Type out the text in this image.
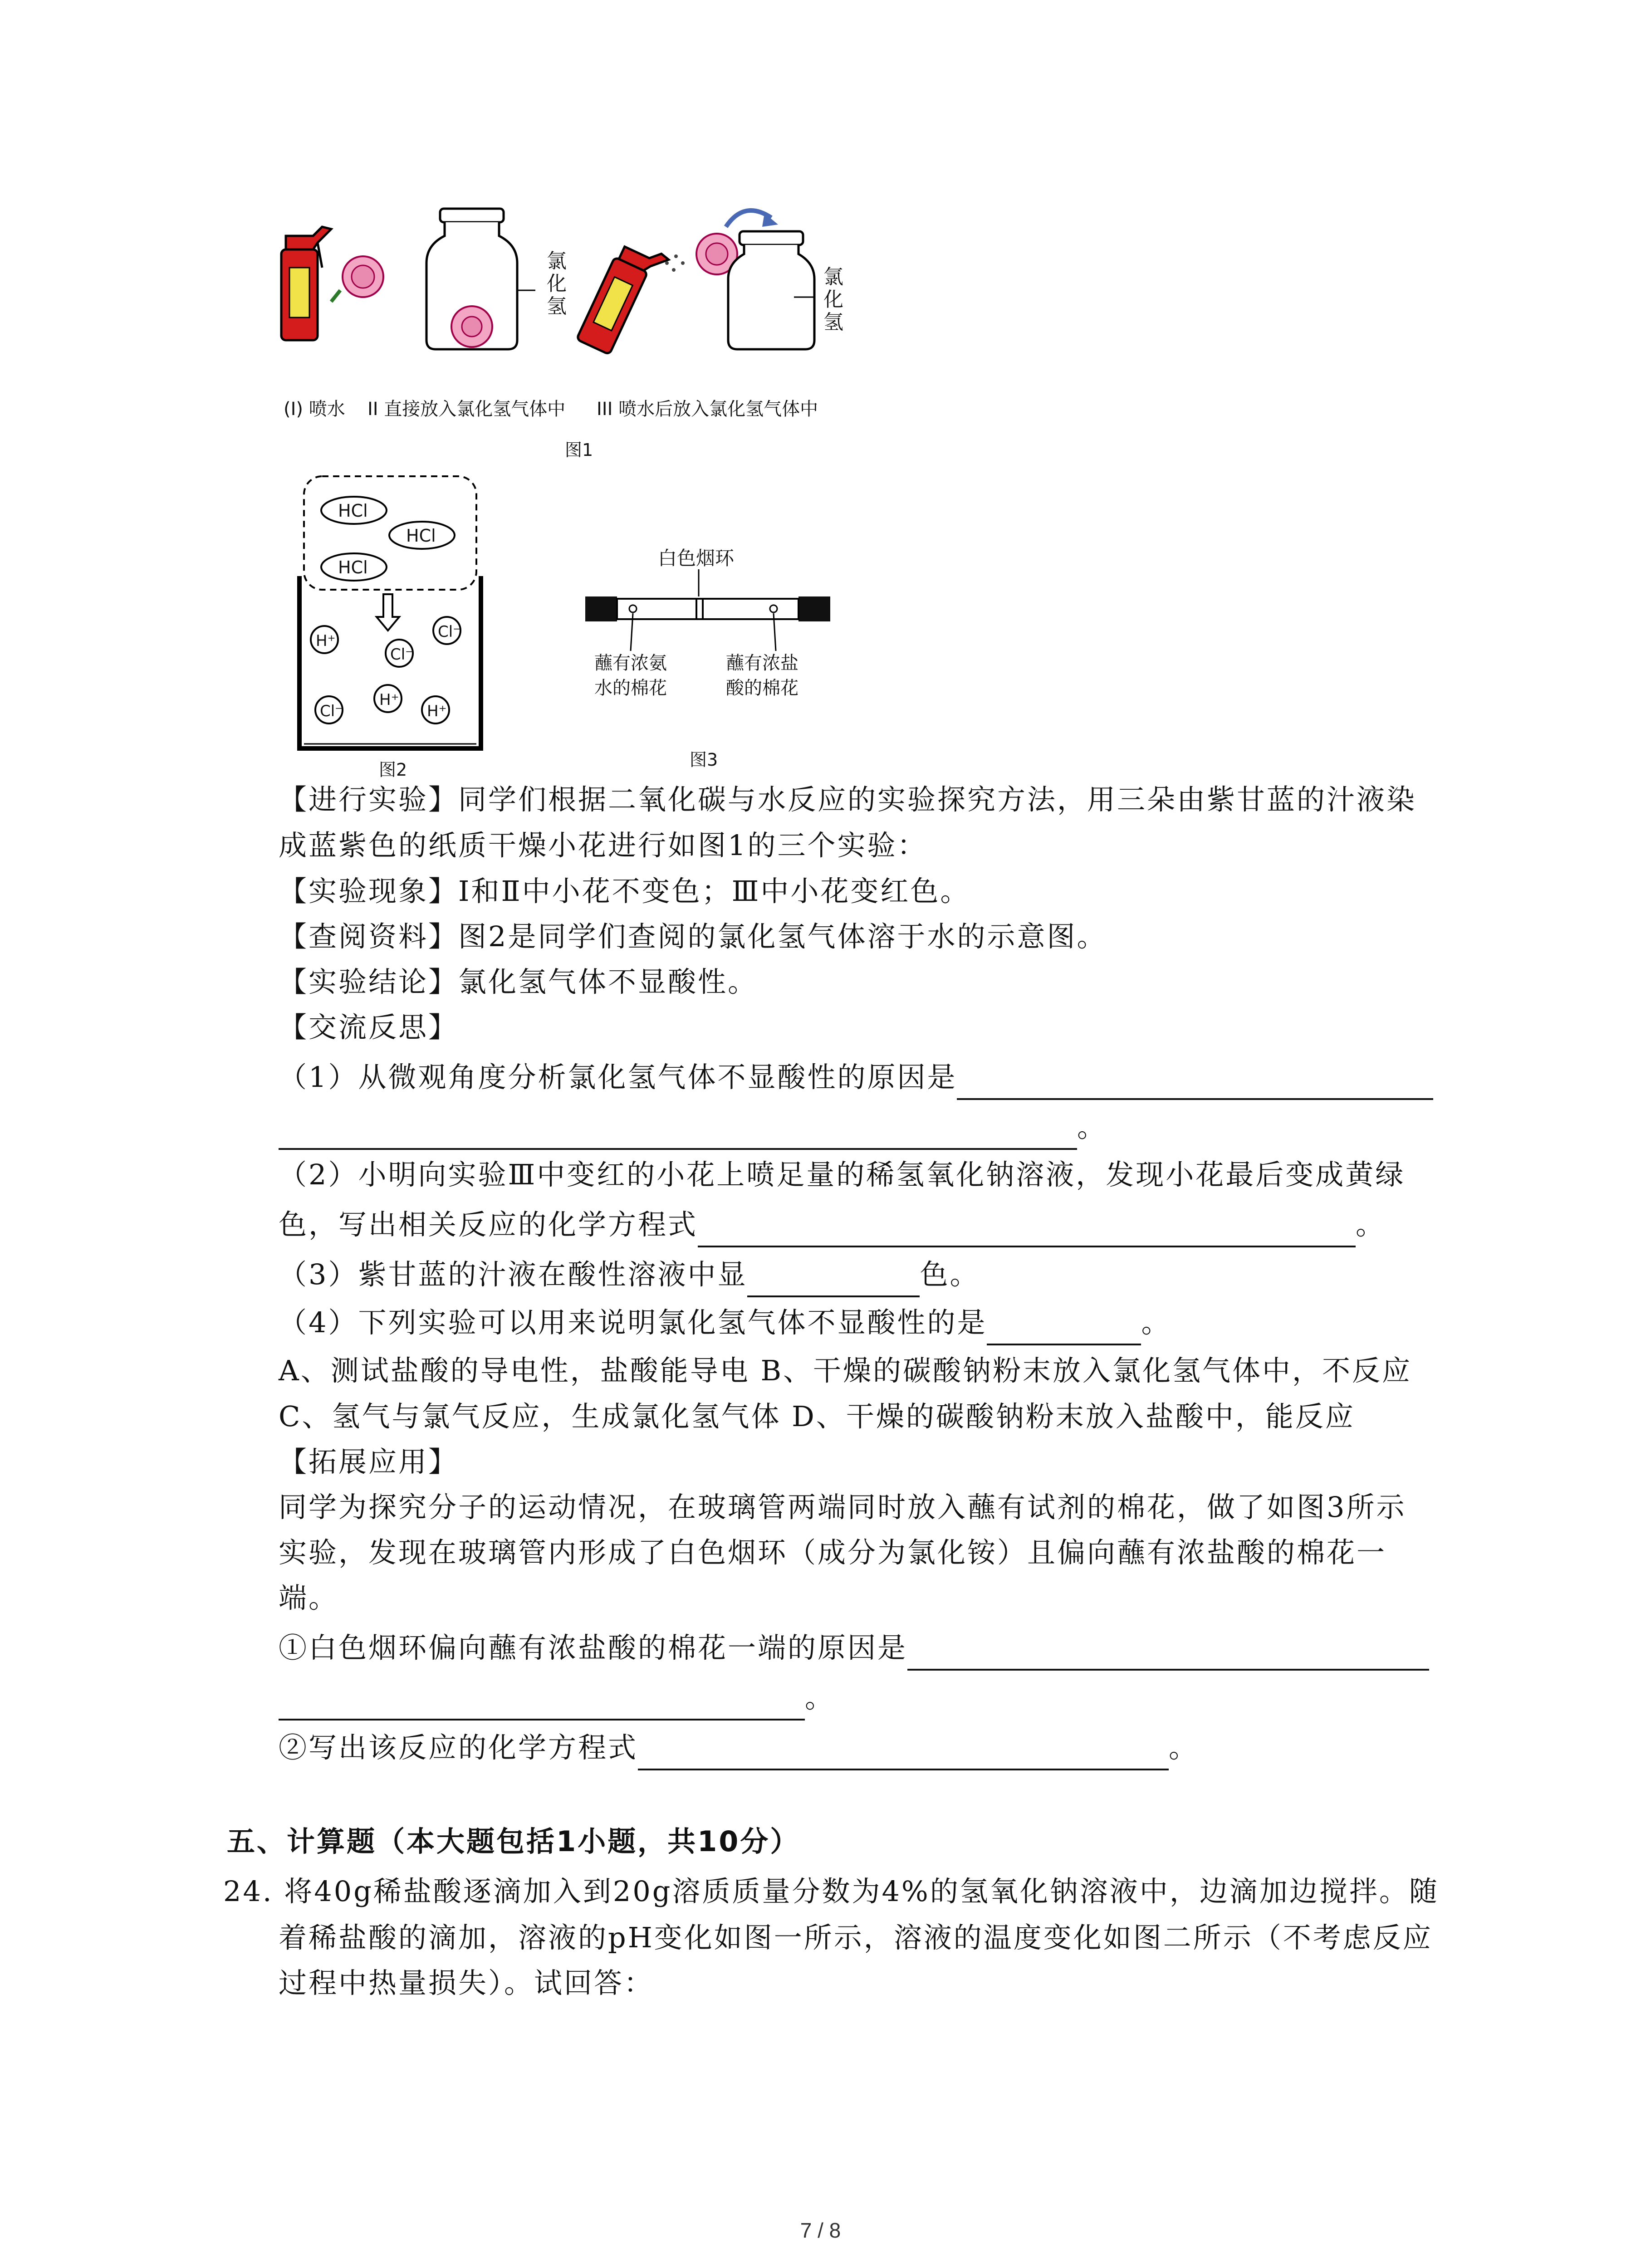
氯
化
氢
氯
化
氢
(I) 喷水 II 直接放入氯化氢气体中 III 喷水后放入氯化氢气体中
图1
HCl
HCl
HCl
H⁺
Cl⁻
Cl⁻
H⁺
Cl⁻	H⁺
图2
白色烟环
蘸有浓氨
水的棉花
蘸有浓盐
酸的棉花
图3
【进行实验】同学们根据二氧化碳与水反应的实验探究方法，用三朵由紫甘蓝的汁液染
成蓝紫色的纸质干燥小花进行如图1的三个实验：
【实验现象】Ⅰ和Ⅱ中小花不变色；Ⅲ中小花变红色。
【查阅资料】图2是同学们查阅的氯化氢气体溶于水的示意图。
【实验结论】氯化氢气体不显酸性。
【交流反思】
（1）从微观角度分析氯化氢气体不显酸性的原因是
。
（2）小明向实验Ⅲ中变红的小花上喷足量的稀氢氧化钠溶液，发现小花最后变成黄绿
色，写出相关反应的化学方程式	。
（3）紫甘蓝的汁液在酸性溶液中显	色。
（4）下列实验可以用来说明氯化氢气体不显酸性的是	。
A、测试盐酸的导电性，盐酸能导电 B、干燥的碳酸钠粉末放入氯化氢气体中，不反应
C、氢气与氯气反应，生成氯化氢气体 D、干燥的碳酸钠粉末放入盐酸中，能反应
【拓展应用】
同学为探究分子的运动情况，在玻璃管两端同时放入蘸有试剂的棉花，做了如图3所示
实验，发现在玻璃管内形成了白色烟环（成分为氯化铵）且偏向蘸有浓盐酸的棉花一
端。
①白色烟环偏向蘸有浓盐酸的棉花一端的原因是
。
②写出该反应的化学方程式	。
五、计算题（本大题包括1小题，共10分）
24. 将40g稀盐酸逐滴加入到20g溶质质量分数为4%的氢氧化钠溶液中，边滴加边搅拌。随
着稀盐酸的滴加，溶液的pH变化如图一所示，溶液的温度变化如图二所示（不考虑反应
过程中热量损失）。试回答：
7 / 8
